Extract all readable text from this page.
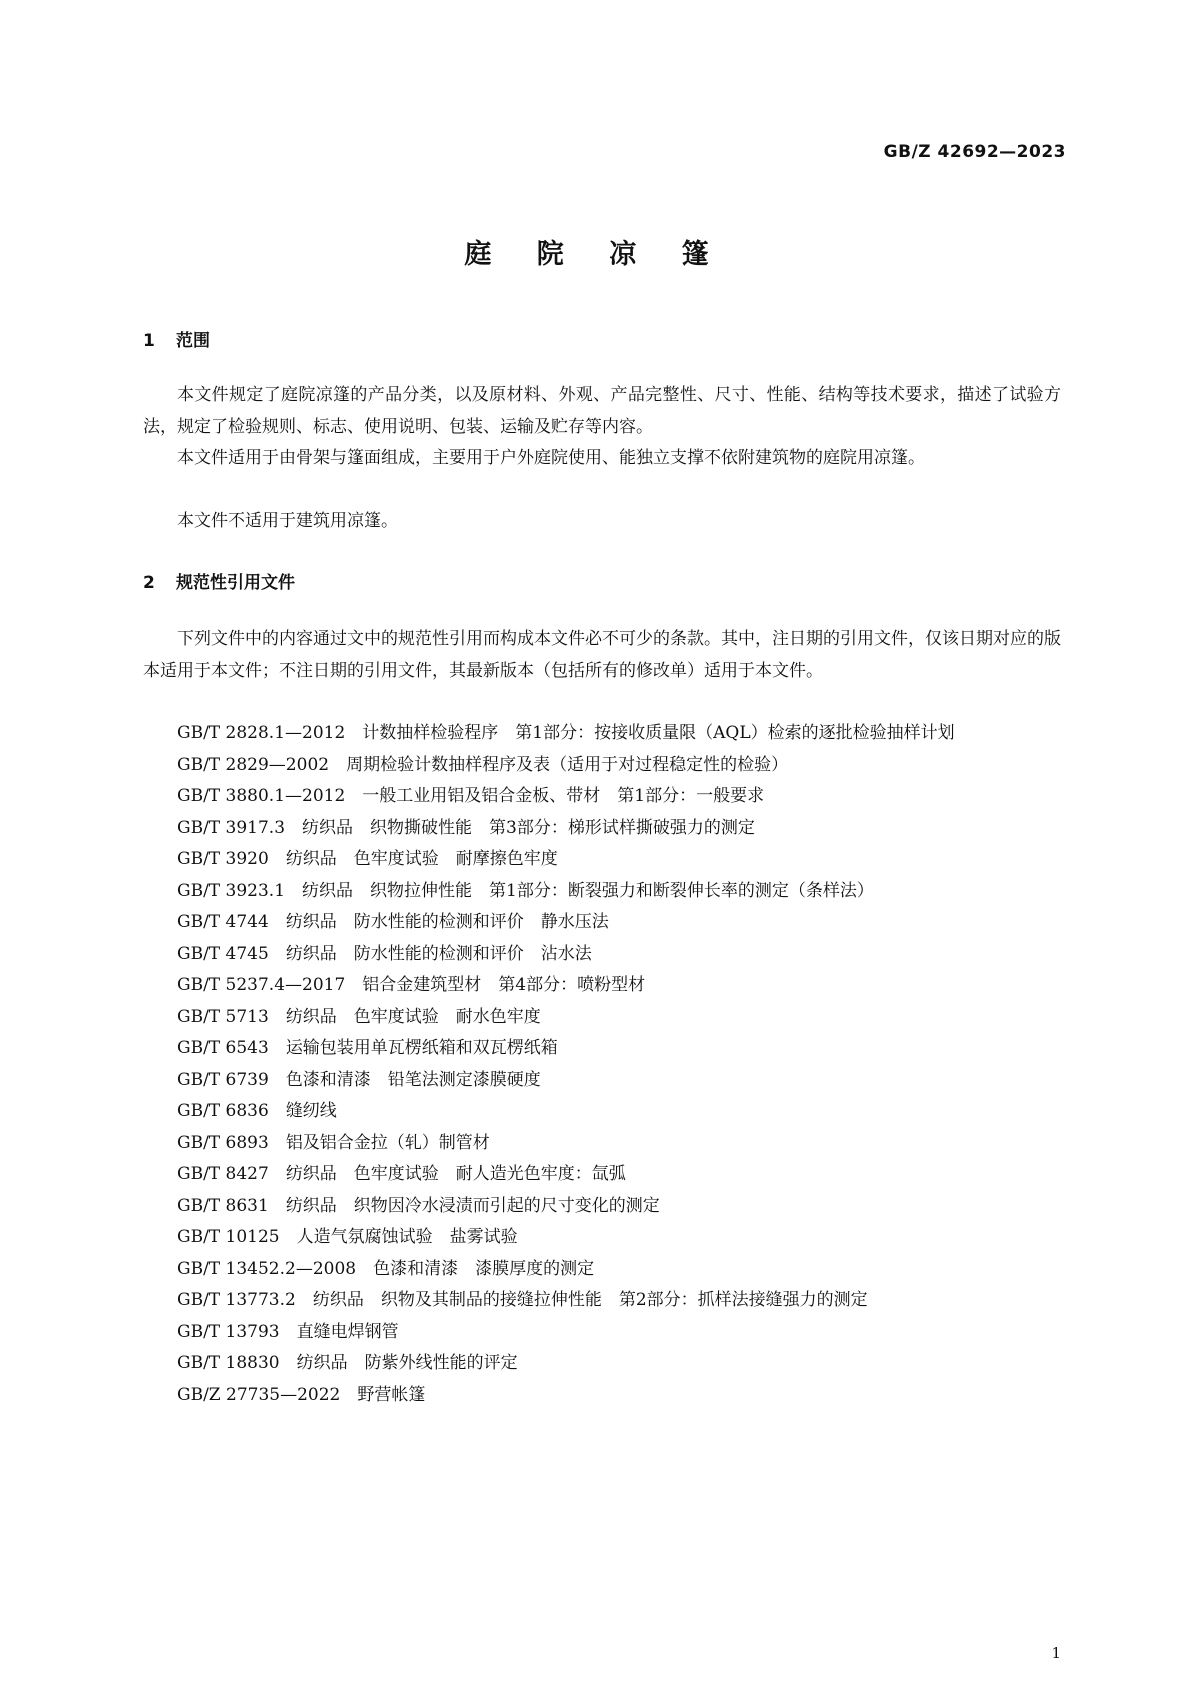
GB/Z 42692—2023
庭 院 凉 篷
1 范围
本文件规定了庭院凉篷的产品分类，以及原材料、外观、产品完整性、尺寸、性能、结构等技术要求，描述了试验方法，规定了检验规则、标志、使用说明、包装、运输及贮存等内容。
本文件适用于由骨架与篷面组成，主要用于户外庭院使用、能独立支撑不依附建筑物的庭院用凉篷。
本文件不适用于建筑用凉篷。
2 规范性引用文件
下列文件中的内容通过文中的规范性引用而构成本文件必不可少的条款。其中，注日期的引用文件，仅该日期对应的版本适用于本文件；不注日期的引用文件，其最新版本（包括所有的修改单）适用于本文件。
GB/T 2828.1—2012 计数抽样检验程序　第1部分：按接收质量限（AQL）检索的逐批检验抽样计划
GB/T 2829—2002 周期检验计数抽样程序及表（适用于对过程稳定性的检验）
GB/T 3880.1—2012 一般工业用铝及铝合金板、带材　第1部分：一般要求
GB/T 3917.3 纺织品　织物撕破性能　第3部分：梯形试样撕破强力的测定
GB/T 3920 纺织品　色牢度试验　耐摩擦色牢度
GB/T 3923.1 纺织品　织物拉伸性能　第1部分：断裂强力和断裂伸长率的测定（条样法）
GB/T 4744 纺织品　防水性能的检测和评价　静水压法
GB/T 4745 纺织品　防水性能的检测和评价　沾水法
GB/T 5237.4—2017 铝合金建筑型材　第4部分：喷粉型材
GB/T 5713 纺织品　色牢度试验　耐水色牢度
GB/T 6543 运输包装用单瓦楞纸箱和双瓦楞纸箱
GB/T 6739 色漆和清漆　铅笔法测定漆膜硬度
GB/T 6836 缝纫线
GB/T 6893 铝及铝合金拉（轧）制管材
GB/T 8427 纺织品　色牢度试验　耐人造光色牢度：氙弧
GB/T 8631 纺织品　织物因冷水浸渍而引起的尺寸变化的测定
GB/T 10125 人造气氛腐蚀试验　盐雾试验
GB/T 13452.2—2008 色漆和清漆　漆膜厚度的测定
GB/T 13773.2 纺织品　织物及其制品的接缝拉伸性能　第2部分：抓样法接缝强力的测定
GB/T 13793 直缝电焊钢管
GB/T 18830 纺织品　防紫外线性能的评定
GB/Z 27735—2022 野营帐篷
1
